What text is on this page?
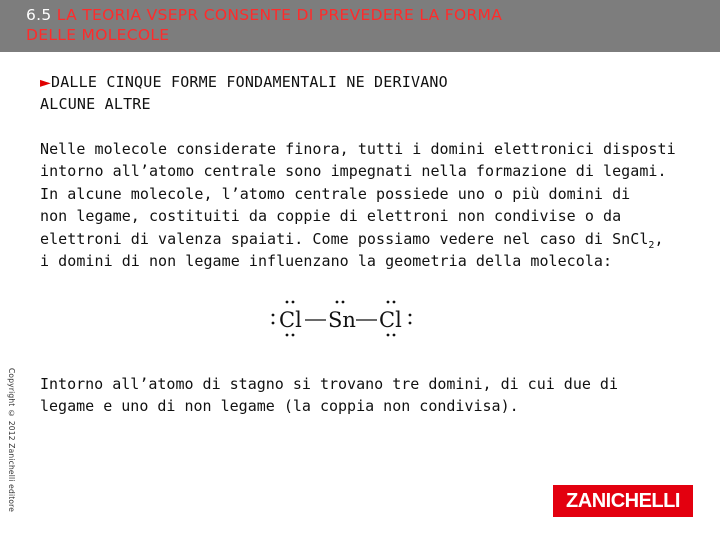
6.5 LA TEORIA VSEPR CONSENTE DI PREVEDERE LA FORMA
DELLE MOLECOLE
►DALLE CINQUE FORME FONDAMENTALI NE DERIVANO
ALCUNE ALTRE

Nelle molecole considerate finora, tutti i domini elettronici disposti
intorno all’atomo centrale sono impegnati nella formazione di legami.
In alcune molecole, l’atomo centrale possiede uno o più domini di
non legame, costituiti da coppie di elettroni non condivise o da
elettroni di valenza spaiati. Come possiamo vedere nel caso di SnCl$_2$,
i domini di non legame influenzano la geometria della molecola:

Cl Sn Cl

Intorno all’atomo di stagno si trovano tre domini, di cui due di
legame e uno di non legame (la coppia non condivisa).

Copyright © 2012 Zanichelli editore	ZANICHELLI
